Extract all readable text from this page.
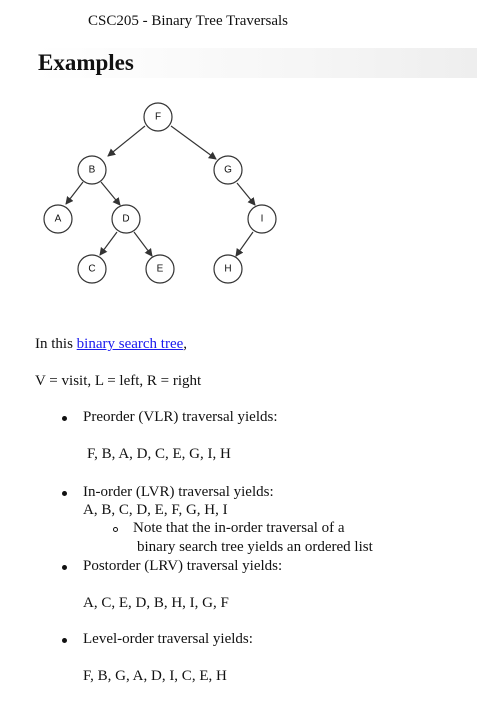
CSC205 - Binary Tree Traversals
Examples
F
B	G
A	D	I
C	E	H
In this binary search tree,
V = visit, L = left, R = right
Preorder (VLR) traversal yields:
F, B, A, D, C, E, G, I, H
In-order (LVR) traversal yields:
A, B, C, D, E, F, G, H, I
Note that the in-order traversal of a
binary search tree yields an ordered list
Postorder (LRV) traversal yields:
A, C, E, D, B, H, I, G, F
Level-order traversal yields:
F, B, G, A, D, I, C, E, H
